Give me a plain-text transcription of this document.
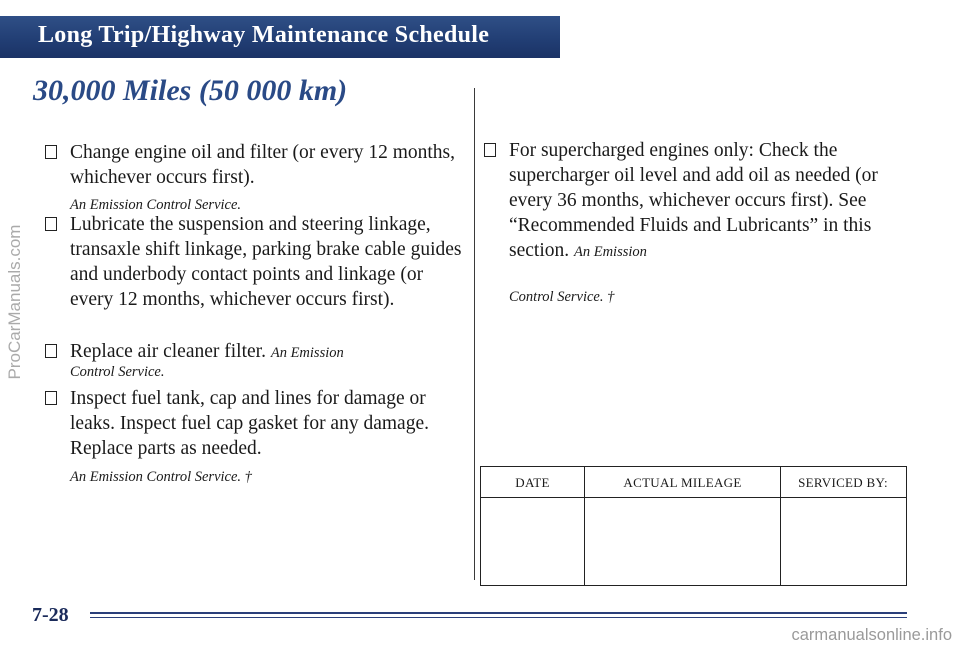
Long Trip/Highway Maintenance Schedule
30,000 Miles (50 000 km)
Change engine oil and filter (or every 12 months, whichever occurs first).
An Emission Control Service.
Lubricate the suspension and steering linkage, transaxle shift linkage, parking brake cable guides and underbody contact points and linkage (or every 12 months, whichever occurs first).
Replace air cleaner filter. An Emission
Control Service.
Inspect fuel tank, cap and lines for damage or leaks. Inspect fuel cap gasket for any damage. Replace parts as needed.
An Emission Control Service. †
For supercharged engines only: Check the supercharger oil level and add oil as needed (or every 36 months, whichever occurs first). See “Recommended Fluids and Lubricants” in this section. An Emission
Control Service. †
DATE	ACTUAL MILEAGE	SERVICED BY:
7-28
ProCarManuals.com
carmanualsonline.info
